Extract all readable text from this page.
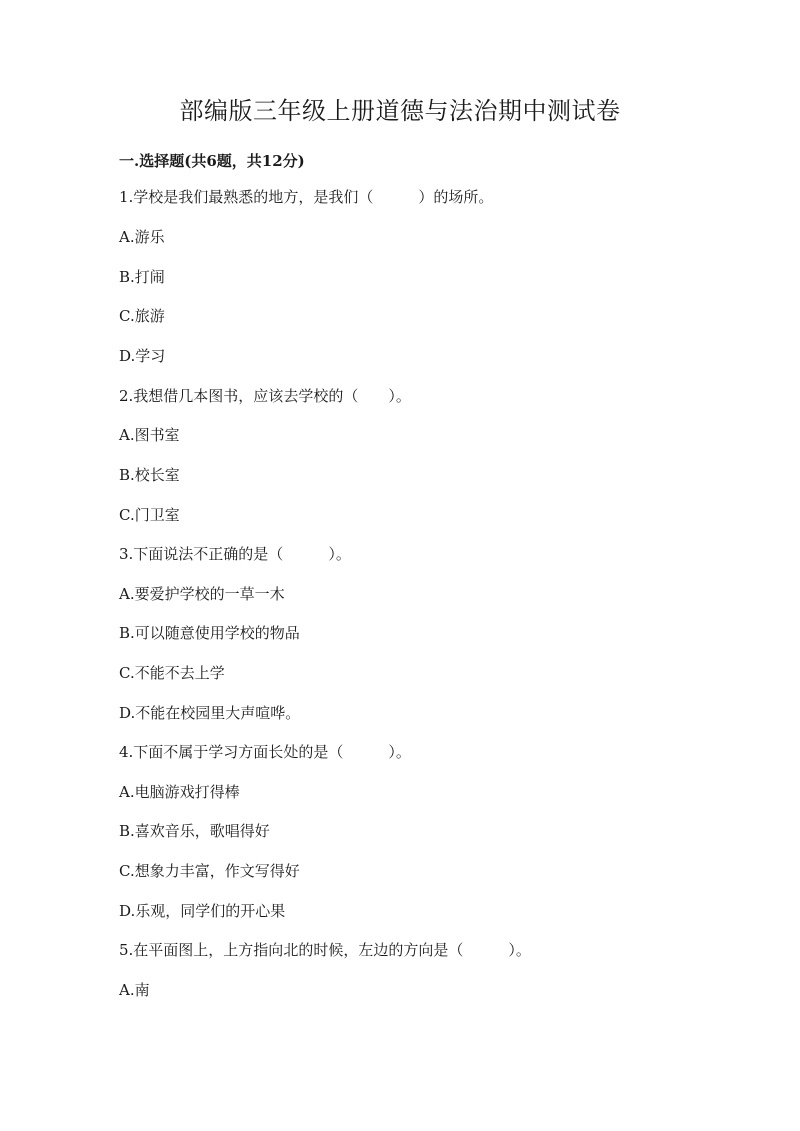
部编版三年级上册道德与法治期中测试卷
一.选择题(共6题，共12分)
1.学校是我们最熟悉的地方，是我们（　　　）的场所。
A.游乐
B.打闹
C.旅游
D.学习
2.我想借几本图书，应该去学校的（　　）。
A.图书室
B.校长室
C.门卫室
3.下面说法不正确的是（　　　）。
A.要爱护学校的一草一木
B.可以随意使用学校的物品
C.不能不去上学
D.不能在校园里大声喧哗。
4.下面不属于学习方面长处的是（　　　）。
A.电脑游戏打得棒
B.喜欢音乐，歌唱得好
C.想象力丰富，作文写得好
D.乐观，同学们的开心果
5.在平面图上，上方指向北的时候，左边的方向是（　　　）。
A.南
